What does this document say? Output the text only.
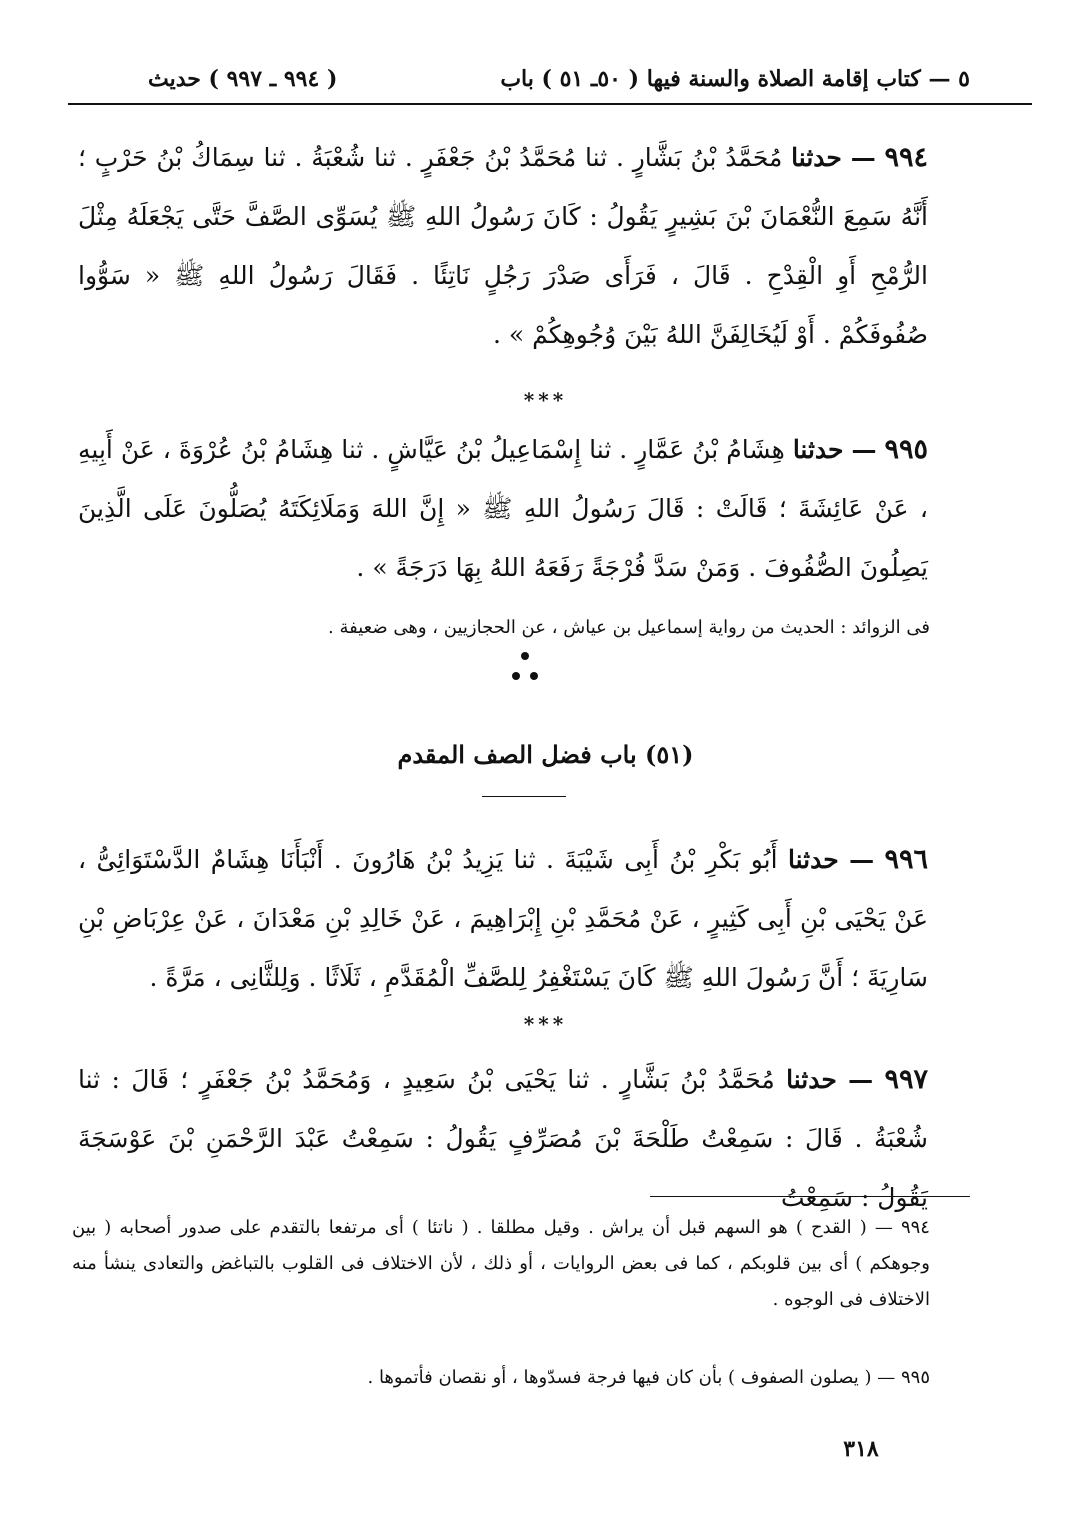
٥ — كتاب إقامة الصلاة والسنة فيها ( ٥٠ـ ٥١ ) باب
( ٩٩٤ ـ ٩٩٧ ) حديث
٩٩٤ — حدثنا مُحَمَّدُ بْنُ بَشَّارٍ . ثنا مُحَمَّدُ بْنُ جَعْفَرٍ . ثنا شُعْبَةُ . ثنا سِمَاكُ بْنُ حَرْبٍ ؛ أَنَّهُ سَمِعَ النُّعْمَانَ بْنَ بَشِيرٍ يَقُولُ : كَانَ رَسُولُ اللهِ ﷺ يُسَوِّى الصَّفَّ حَتَّى يَجْعَلَهُ مِثْلَ الرُّمْحِ أَوِ الْقِدْحِ . قَالَ ، فَرَأَى صَدْرَ رَجُلٍ نَاتِئًا . فَقَالَ رَسُولُ اللهِ ﷺ « سَوُّوا صُفُوفَكُمْ . أَوْ لَيُخَالِفَنَّ اللهُ بَيْنَ وُجُوهِكُمْ » .
***
٩٩٥ — حدثنا هِشَامُ بْنُ عَمَّارٍ . ثنا إِسْمَاعِيلُ بْنُ عَيَّاشٍ . ثنا هِشَامُ بْنُ عُرْوَةَ ، عَنْ أَبِيهِ ، عَنْ عَائِشَةَ ؛ قَالَتْ : قَالَ رَسُولُ اللهِ ﷺ « إِنَّ اللهَ وَمَلَائِكَتَهُ يُصَلُّونَ عَلَى الَّذِينَ يَصِلُونَ الصُّفُوفَ . وَمَنْ سَدَّ فُرْجَةً رَفَعَهُ اللهُ بِهَا دَرَجَةً » .
فى الزوائد : الحديث من رواية إسماعيل بن عياش ، عن الحجازيين ، وهى ضعيفة .
(٥١) باب فضل الصف المقدم
٩٩٦ — حدثنا أَبُو بَكْرِ بْنُ أَبِى شَيْبَةَ . ثنا يَزِيدُ بْنُ هَارُونَ . أَنْبَأَنَا هِشَامٌ الدَّسْتَوَائِىُّ ، عَنْ يَحْيَى بْنِ أَبِى كَثِيرٍ ، عَنْ مُحَمَّدِ بْنِ إِبْرَاهِيمَ ، عَنْ خَالِدِ بْنِ مَعْدَانَ ، عَنْ عِرْبَاضِ بْنِ سَارِيَةَ ؛ أَنَّ رَسُولَ اللهِ ﷺ كَانَ يَسْتَغْفِرُ لِلصَّفِّ الْمُقَدَّمِ ، ثَلَاثًا . وَلِلثَّانِى ، مَرَّةً .
***
٩٩٧ — حدثنا مُحَمَّدُ بْنُ بَشَّارٍ . ثنا يَحْيَى بْنُ سَعِيدٍ ، وَمُحَمَّدُ بْنُ جَعْفَرٍ ؛ قَالَ : ثنا شُعْبَةُ . قَالَ : سَمِعْتُ طَلْحَةَ بْنَ مُصَرِّفٍ يَقُولُ : سَمِعْتُ عَبْدَ الرَّحْمَنِ بْنَ عَوْسَجَةَ يَقُولُ : سَمِعْتُ
٩٩٤ — ( القدح ) هو السهم قبل أن يراش . وقيل مطلقا . ( ناتئا ) أى مرتفعا بالتقدم على صدور أصحابه ( بين وجوهكم ) أى بين قلوبكم ، كما فى بعض الروايات ، أو ذلك ، لأن الاختلاف فى القلوب بالتباغض والتعادى ينشأ منه الاختلاف فى الوجوه .
٩٩٥ — ( يصلون الصفوف ) بأن كان فيها فرجة فسدّوها ، أو نقصان فأتموها .
٣١٨
